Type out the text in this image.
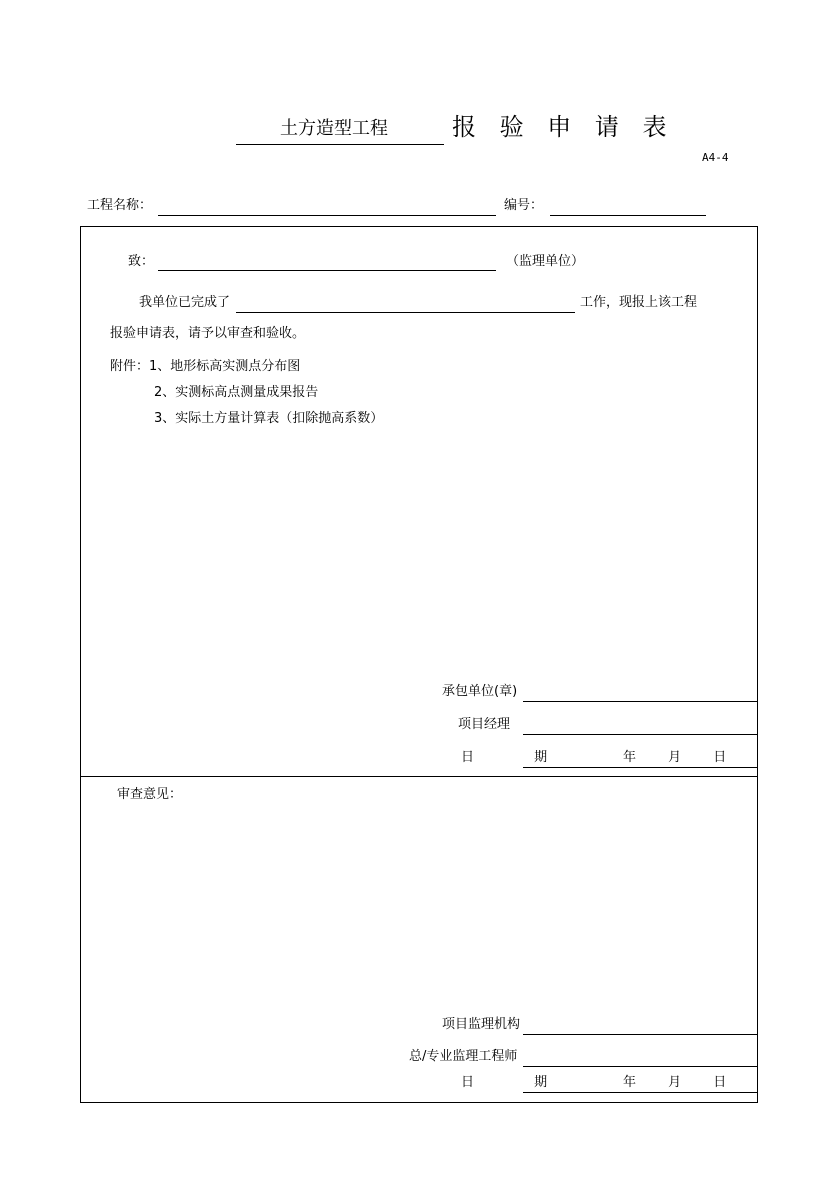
土方造型工程	报 验 申 请 表
A4-4
工程名称：	编号：
致：	（监理单位）
我单位已完成了	工作，现报上该工程
报验申请表，请予以审查和验收。
附件：1、地形标高实测点分布图
2、实测标高点测量成果报告
3、实际土方量计算表（扣除抛高系数）
承包单位(章)
项目经理
日 期	年 月 日
审查意见：
项目监理机构
总/专业监理工程师
日 期	年 月 日
